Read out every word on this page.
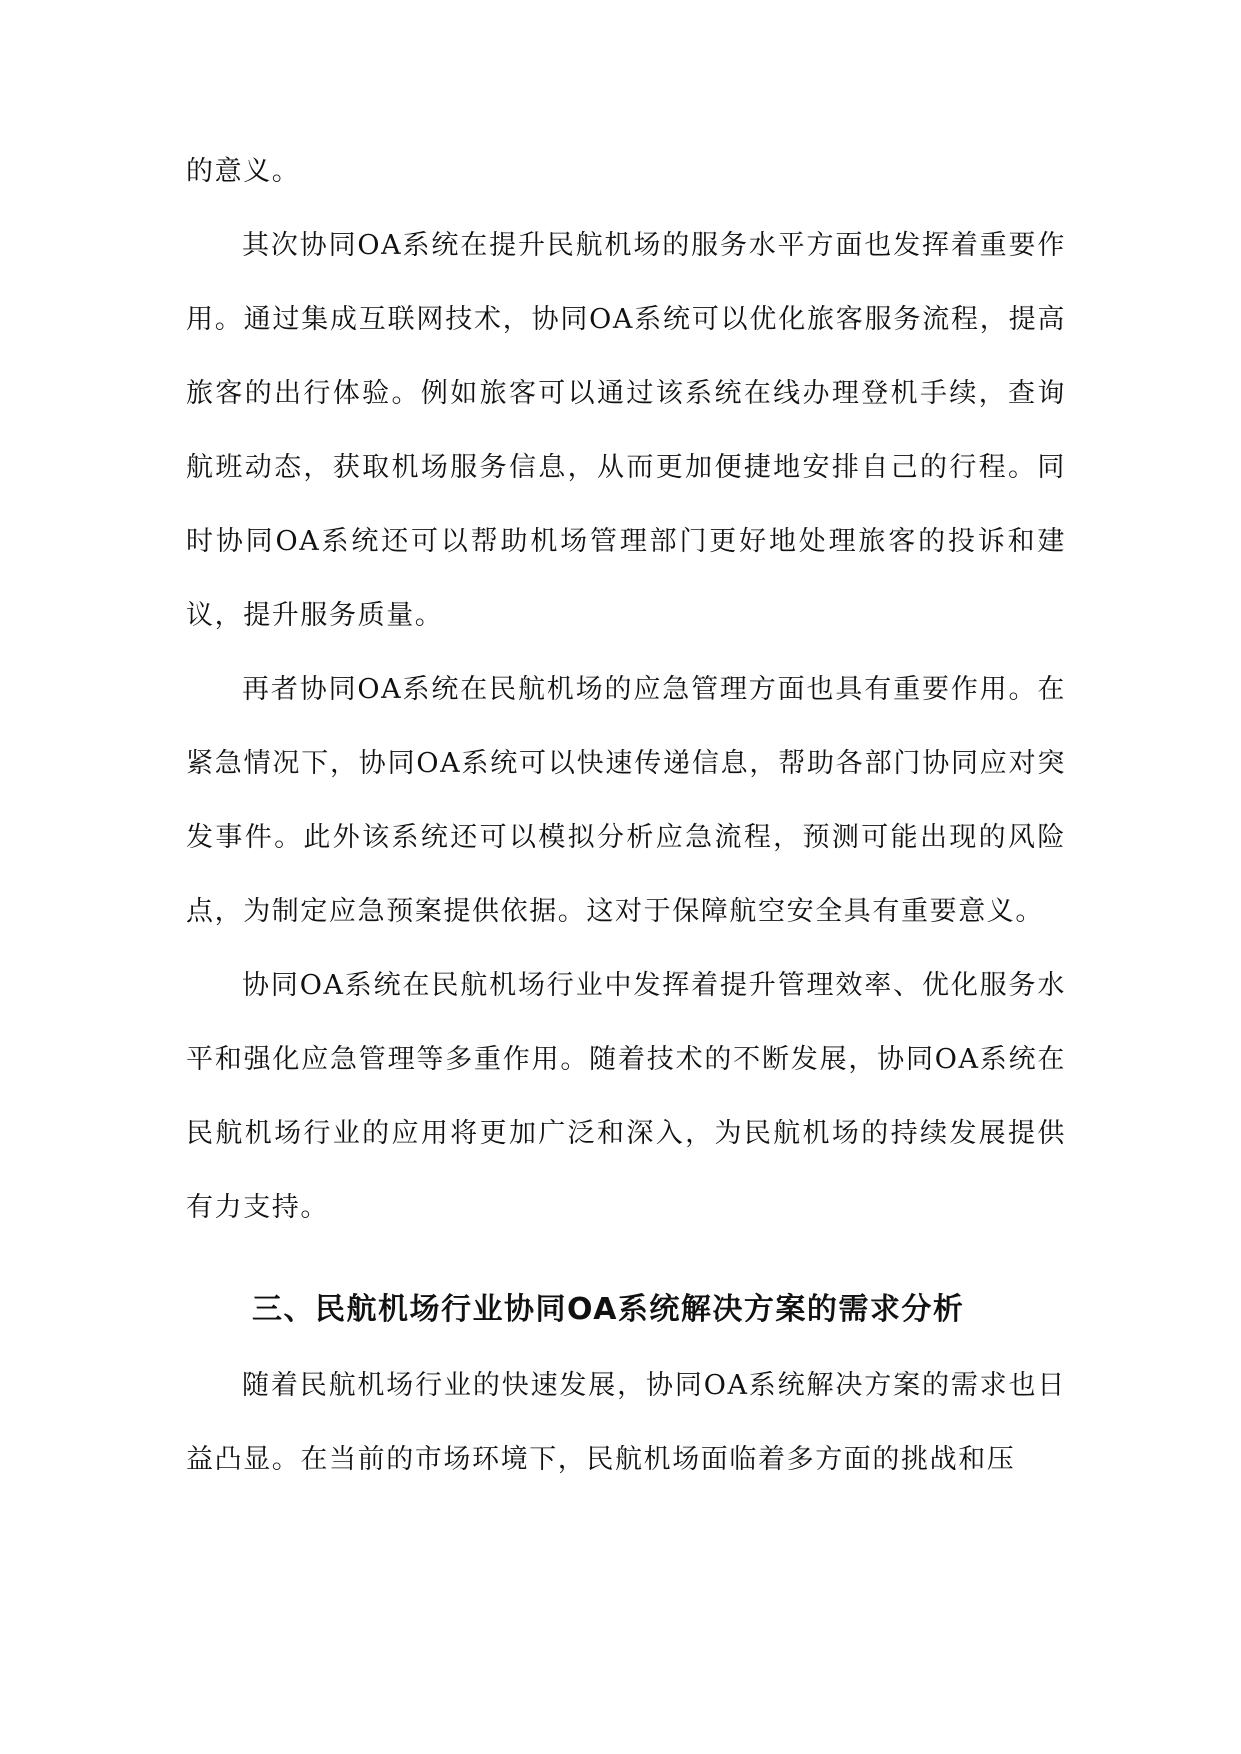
的意义。

其次协同OA系统在提升民航机场的服务水平方面也发挥着重要作用。通过集成互联网技术，协同OA系统可以优化旅客服务流程，提高旅客的出行体验。例如旅客可以通过该系统在线办理登机手续，查询航班动态，获取机场服务信息，从而更加便捷地安排自己的行程。同时协同OA系统还可以帮助机场管理部门更好地处理旅客的投诉和建议，提升服务质量。

再者协同OA系统在民航机场的应急管理方面也具有重要作用。在紧急情况下，协同OA系统可以快速传递信息，帮助各部门协同应对突发事件。此外该系统还可以模拟分析应急流程，预测可能出现的风险点，为制定应急预案提供依据。这对于保障航空安全具有重要意义。

协同OA系统在民航机场行业中发挥着提升管理效率、优化服务水平和强化应急管理等多重作用。随着技术的不断发展，协同OA系统在民航机场行业的应用将更加广泛和深入，为民航机场的持续发展提供有力支持。

三、民航机场行业协同OA系统解决方案的需求分析

随着民航机场行业的快速发展，协同OA系统解决方案的需求也日益凸显。在当前的市场环境下，民航机场面临着多方面的挑战和压
